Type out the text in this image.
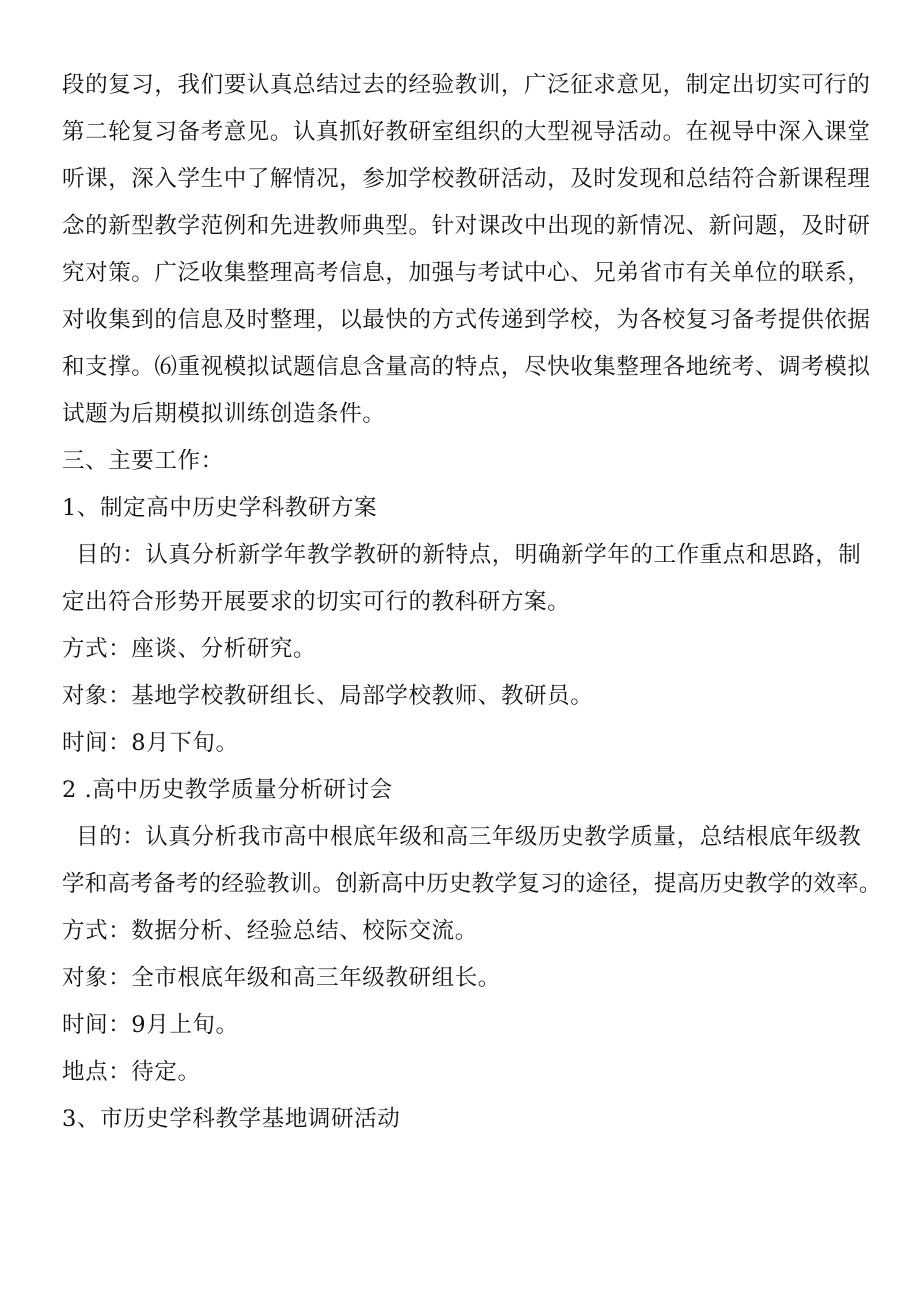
段的复习，我们要认真总结过去的经验教训，广泛征求意见，制定出切实可行的
第二轮复习备考意见。认真抓好教研室组织的大型视导活动。在视导中深入课堂
听课，深入学生中了解情况，参加学校教研活动，及时发现和总结符合新课程理
念的新型教学范例和先进教师典型。针对课改中出现的新情况、新问题，及时研
究对策。广泛收集整理高考信息，加强与考试中心、兄弟省市有关单位的联系，
对收集到的信息及时整理，以最快的方式传递到学校，为各校复习备考提供依据
和支撑。⑹重视模拟试题信息含量高的特点，尽快收集整理各地统考、调考模拟
试题为后期模拟训练创造条件。
三、主要工作：
1、制定高中历史学科教研方案
目的：认真分析新学年教学教研的新特点，明确新学年的工作重点和思路，制
定出符合形势开展要求的切实可行的教科研方案。
方式：座谈、分析研究。
对象：基地学校教研组长、局部学校教师、教研员。
时间：8月下旬。
2 .高中历史教学质量分析研讨会
目的：认真分析我市高中根底年级和高三年级历史教学质量，总结根底年级教
学和高考备考的经验教训。创新高中历史教学复习的途径，提高历史教学的效率。
方式：数据分析、经验总结、校际交流。
对象：全市根底年级和高三年级教研组长。
时间：9月上旬。
地点：待定。
3、市历史学科教学基地调研活动
